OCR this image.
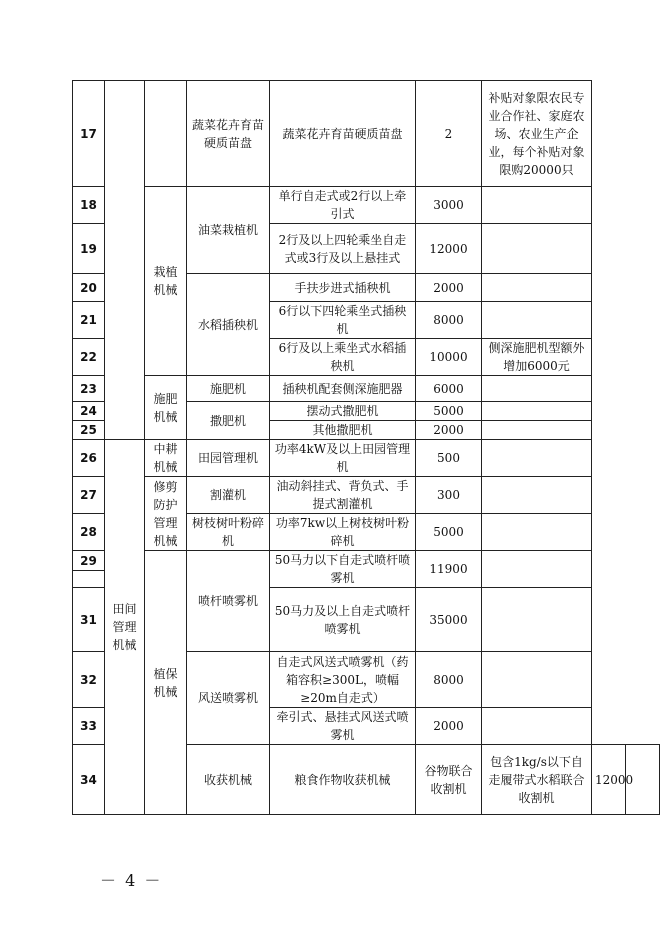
17			蔬菜花卉育苗硬质苗盘	蔬菜花卉育苗硬质苗盘	2	补贴对象限农民专业合作社、家庭农场、农业生产企业，每个补贴对象限购20000只		
18		栽植机械	油菜栽植机	单行自走式或2行以上牵引式	3000			
19				2行及以上四轮乘坐自走式或3行及以上悬挂式	12000			
20			水稻插秧机	手扶步进式插秧机	2000			
21				6行以下四轮乘坐式插秧机	8000			
22				6行及以上乘坐式水稻插秧机	10000	侧深施肥机型额外增加6000元		
23		施肥机械	施肥机	插秧机配套侧深施肥器	6000			
24			撒肥机	摆动式撒肥机	5000			
25				其他撒肥机	2000			
26	田间管理机械	中耕机械	田园管理机	功率4kW及以上田园管理机	500			
27		修剪防护管理机械	割灌机	油动斜挂式、背负式、手提式割灌机	300			
28			树枝树叶粉碎机	功率7kw以上树枝树叶粉碎机	5000			
29		植保机械	喷杆喷雾机	50马力以下自走式喷杆喷雾机	11900			

31				50马力及以上自走式喷杆喷雾机	35000			
32			风送喷雾机	自走式风送式喷雾机（药箱容积≥300L，喷幅≥20m自走式）	8000			
33				牵引式、悬挂式风送式喷雾机	2000			
34			收获机械	粮食作物收获机械	谷物联合收割机	包含1kg/s以下自走履带式水稻联合收割机	12000	
－ 4 －
